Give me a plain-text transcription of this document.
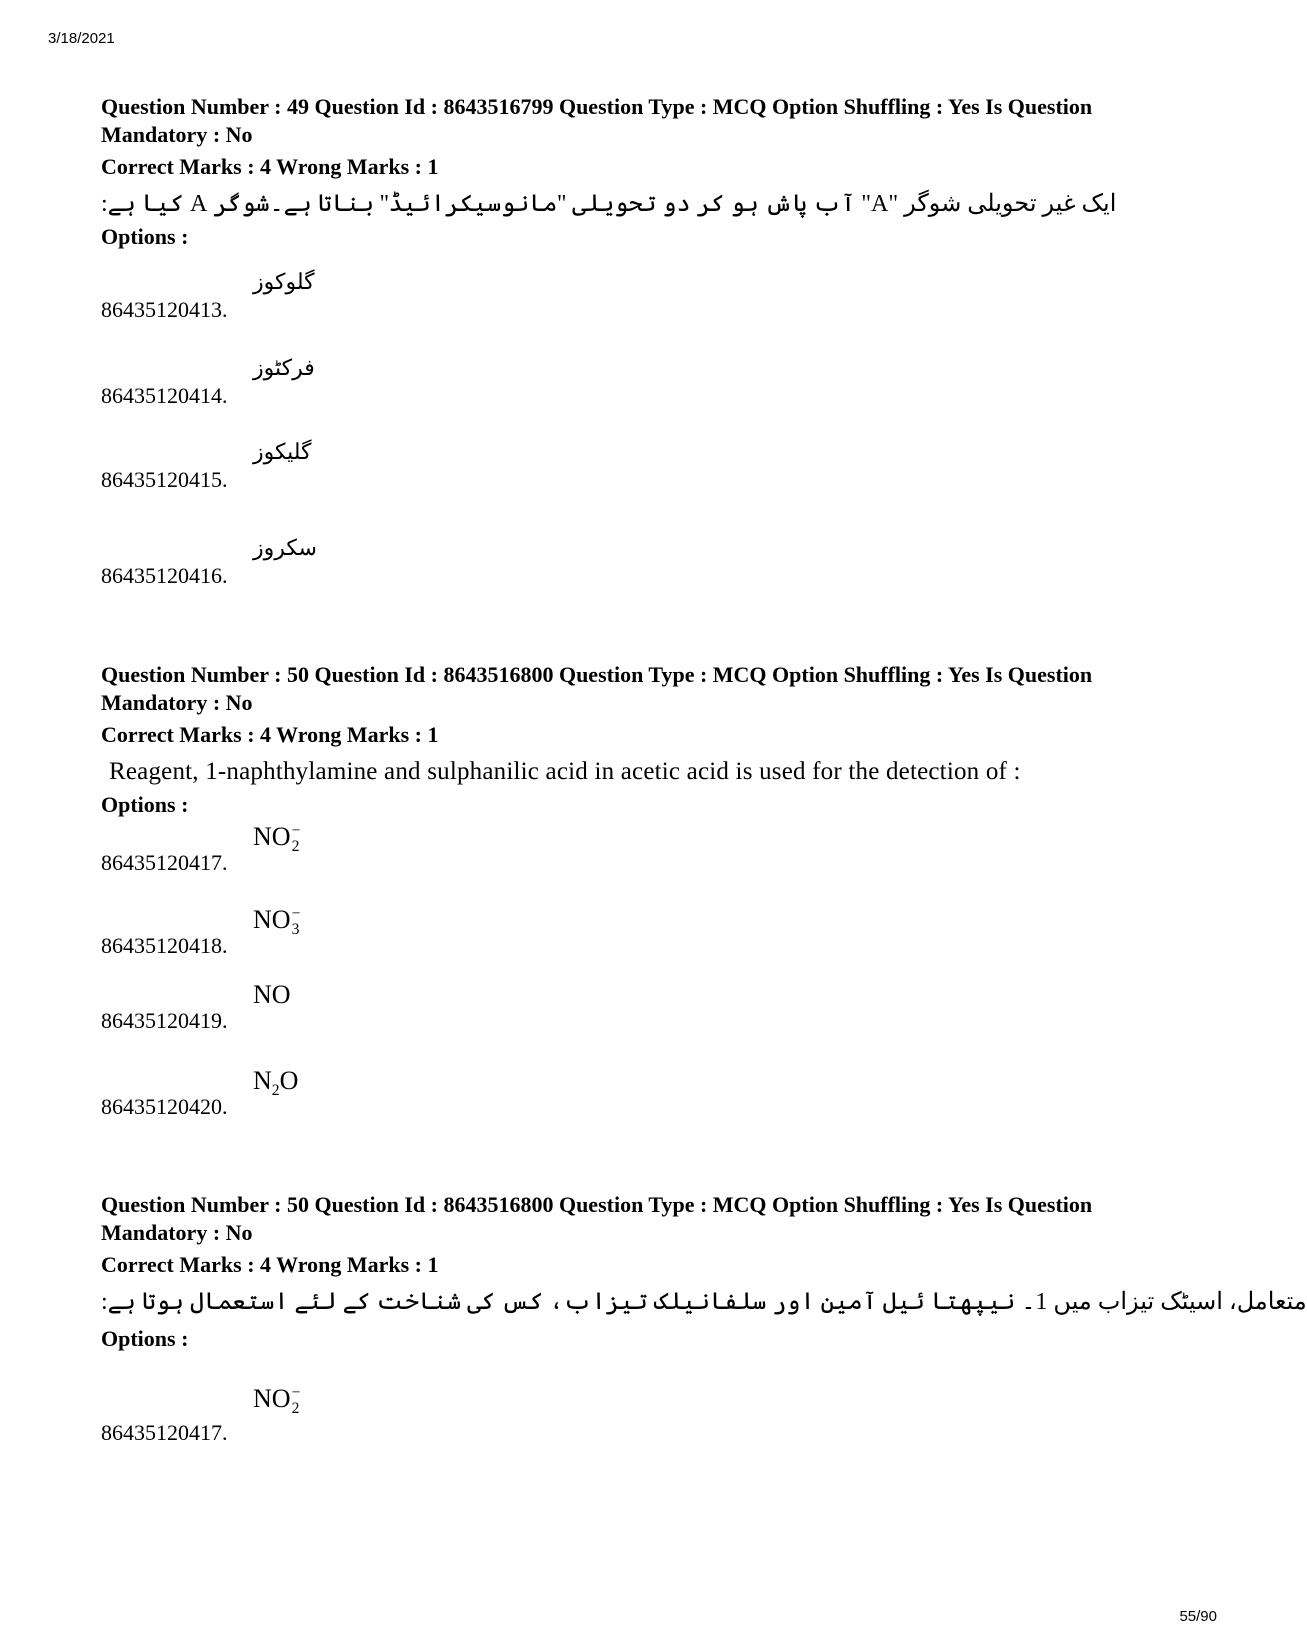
3/18/2021
Question Number : 49 Question Id : 8643516799 Question Type : MCQ Option Shuffling : Yes Is Question Mandatory : No
Correct Marks : 4 Wrong Marks : 1
ایک غیر تحویلی شوگر "A" آب پاش ہو کر دو تحویلی ''مانوسیکرائیڈ'' بناتا ہے۔شوگر A کیا ہے:
Options :
86435120413.
گلوکوز
86435120414.
فرکٹوز
86435120415.
گلیکوز
86435120416.
سکروز
Question Number : 50 Question Id : 8643516800 Question Type : MCQ Option Shuffling : Yes Is Question Mandatory : No
Correct Marks : 4 Wrong Marks : 1
Reagent, 1-naphthylamine and sulphanilic acid in acetic acid is used for the detection of :
Options :
86435120417.
NO −
2
86435120418.
NO −
3
86435120419.
NO
86435120420.
$N_2O$
Question Number : 50 Question Id : 8643516800 Question Type : MCQ Option Shuffling : Yes Is Question Mandatory : No
Correct Marks : 4 Wrong Marks : 1
متعامل، اسیٹک تیزاب میں 1۔ نیپھتا ئیل آمین اور سلفانیلک تیزاب، کس کی شناخت کے لئے استعمال ہوتا ہے:
Options :
86435120417.
NO −
2
55/90
